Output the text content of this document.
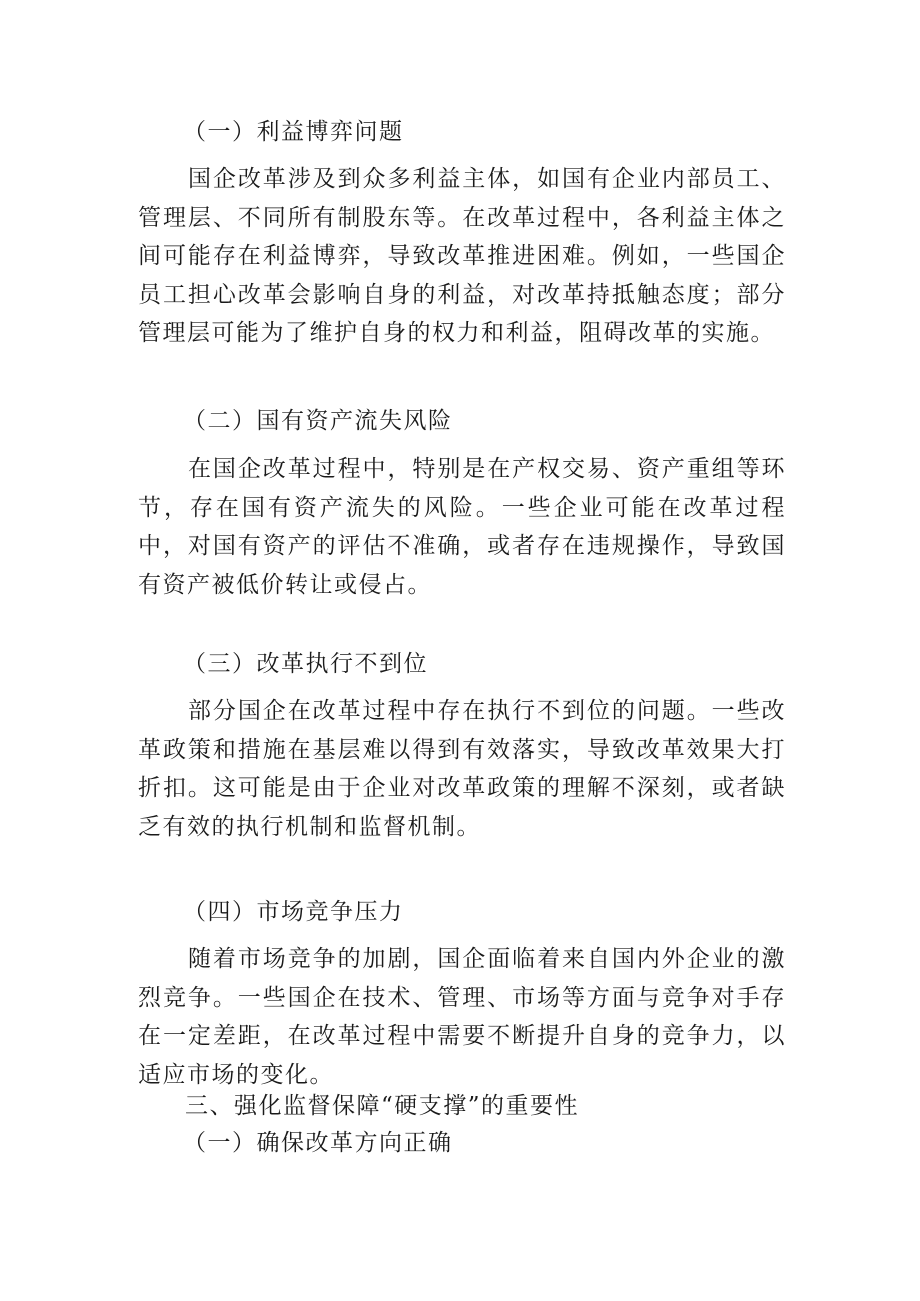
（一）利益博弈问题

国企改革涉及到众多利益主体，如国有企业内部员工、管理层、不同所有制股东等。在改革过程中，各利益主体之间可能存在利益博弈，导致改革推进困难。例如，一些国企员工担心改革会影响自身的利益，对改革持抵触态度；部分管理层可能为了维护自身的权力和利益，阻碍改革的实施。

（二）国有资产流失风险

在国企改革过程中，特别是在产权交易、资产重组等环节，存在国有资产流失的风险。一些企业可能在改革过程中，对国有资产的评估不准确，或者存在违规操作，导致国有资产被低价转让或侵占。

（三）改革执行不到位

部分国企在改革过程中存在执行不到位的问题。一些改革政策和措施在基层难以得到有效落实，导致改革效果大打折扣。这可能是由于企业对改革政策的理解不深刻，或者缺乏有效的执行机制和监督机制。

（四）市场竞争压力

随着市场竞争的加剧，国企面临着来自国内外企业的激烈竞争。一些国企在技术、管理、市场等方面与竞争对手存在一定差距，在改革过程中需要不断提升自身的竞争力，以适应市场的变化。

三、强化监督保障“硬支撑”的重要性

（一）确保改革方向正确
